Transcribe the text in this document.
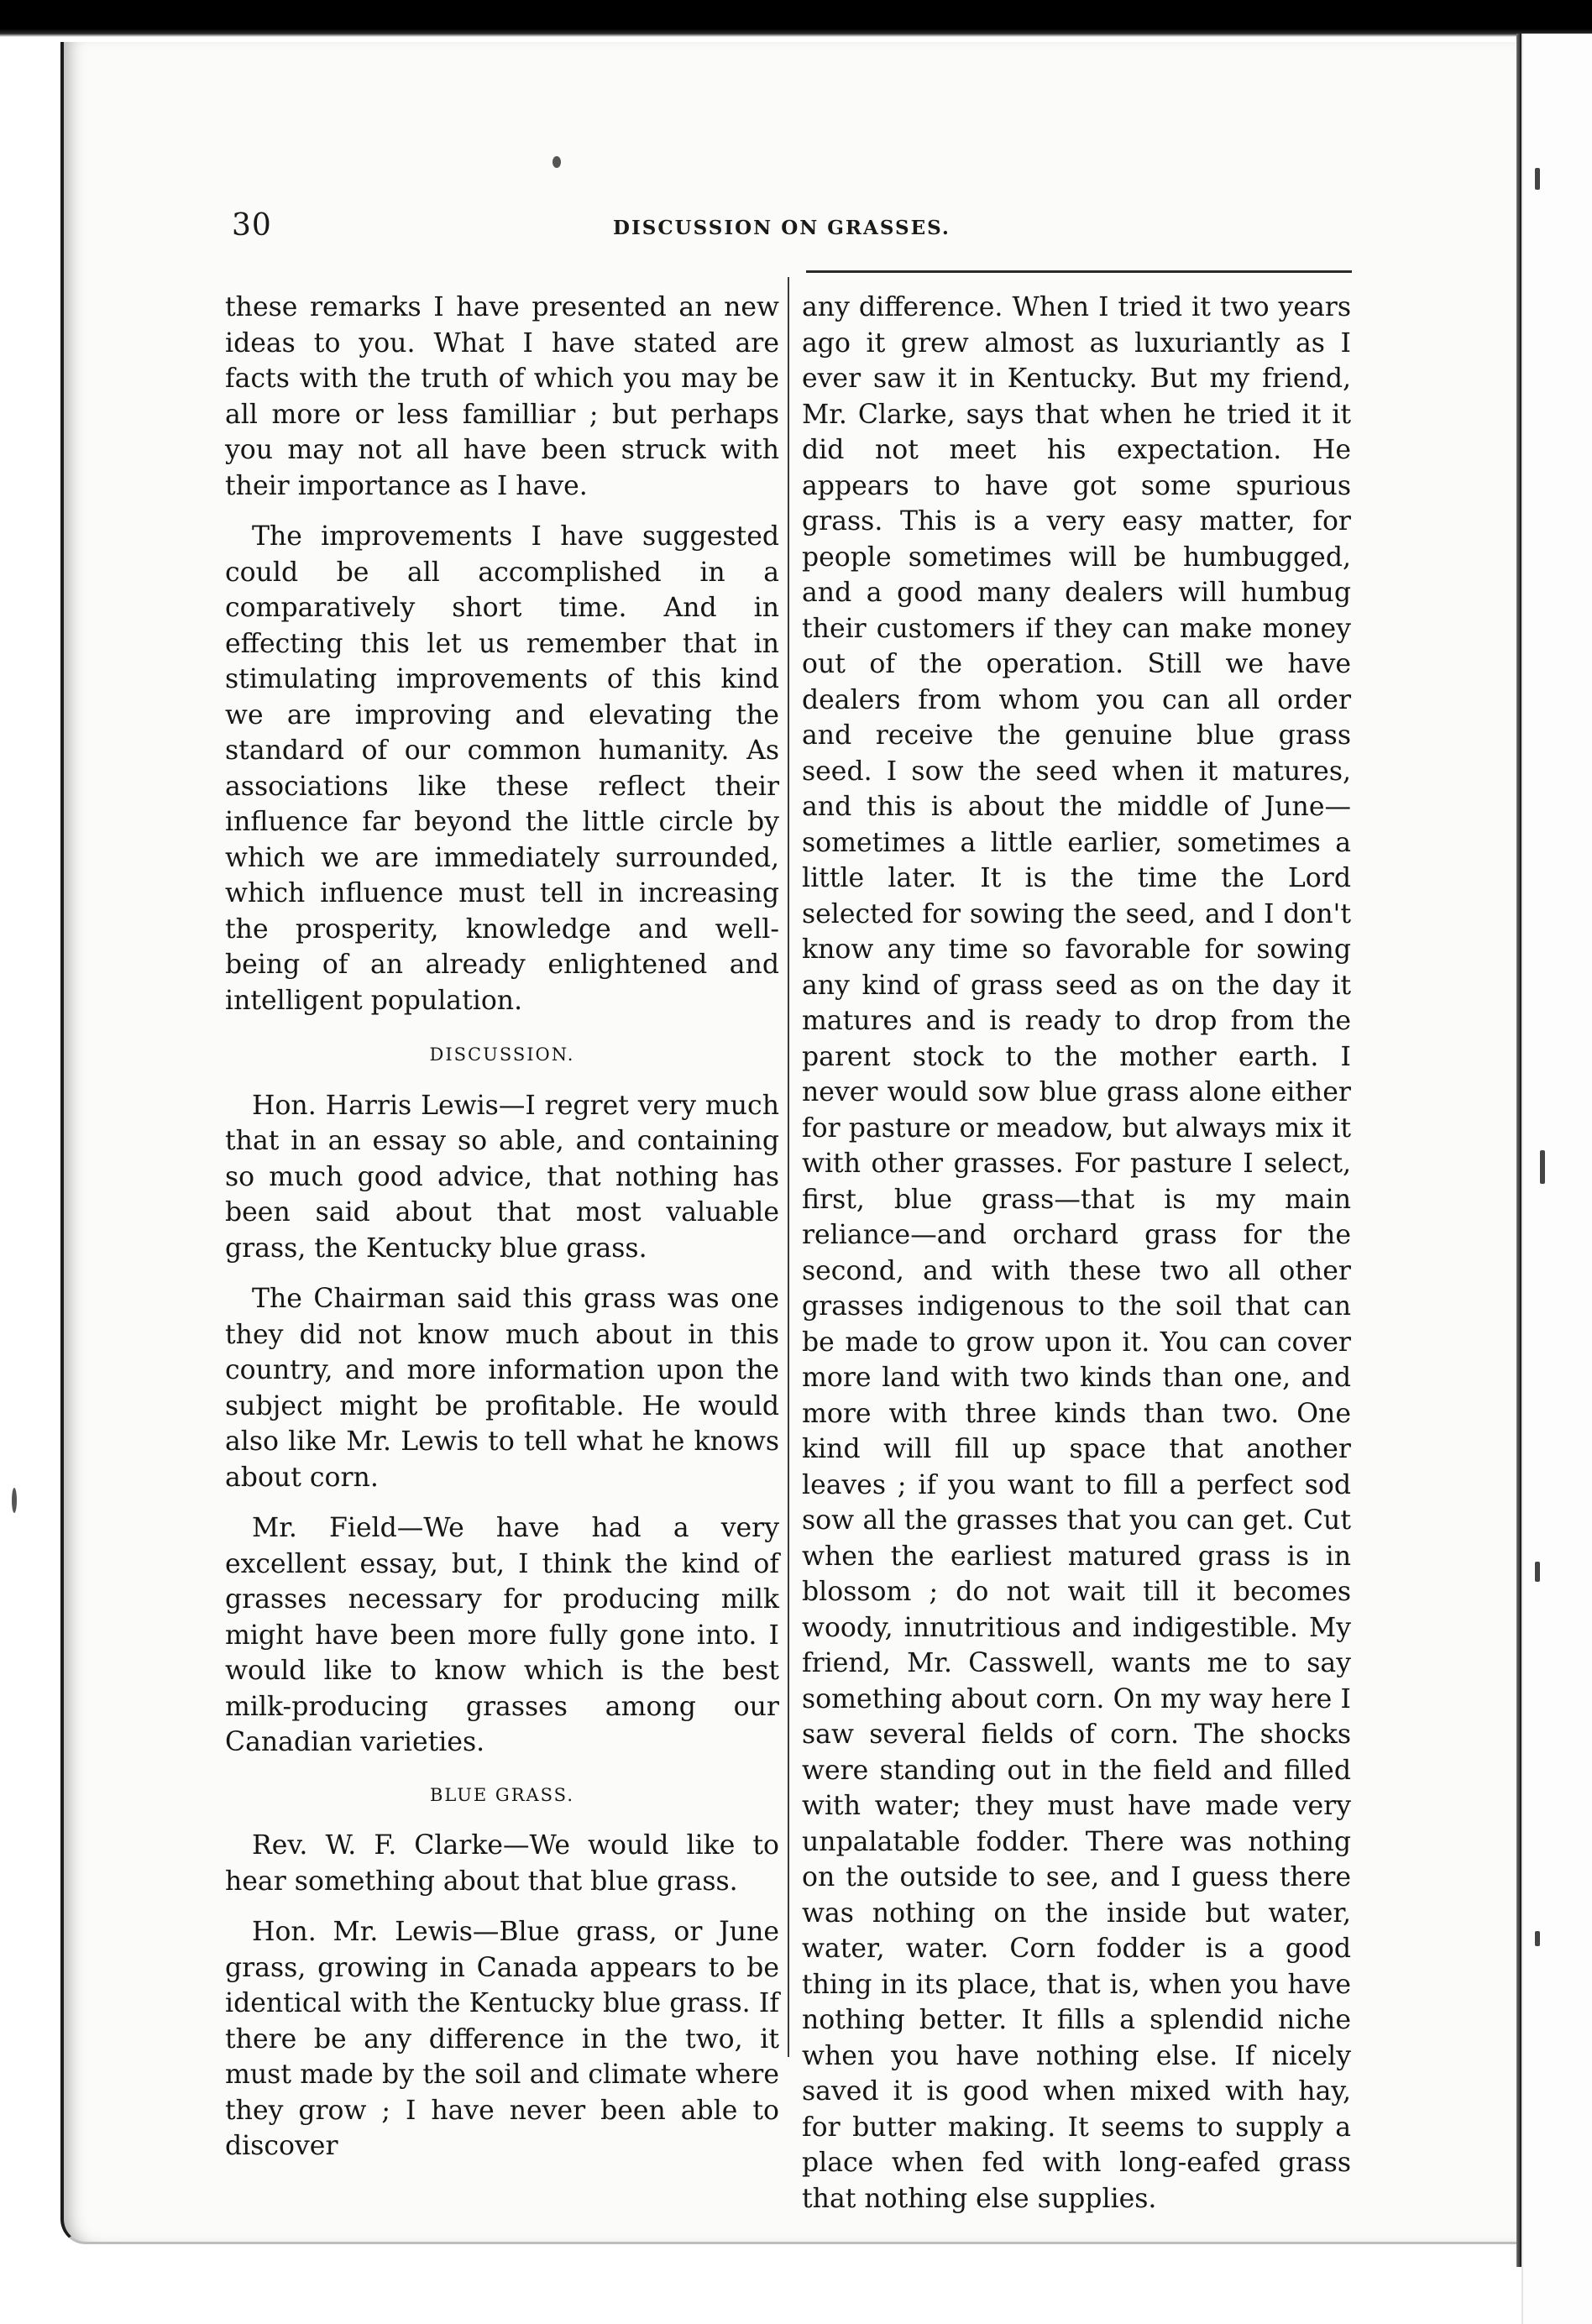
30	DISCUSSION ON GRASSES.

these remarks I have presented an new ideas to you. What I have stated are facts with the truth of which you may be all more or less familliar ; but perhaps you may not all have been struck with their importance as I have.

The improvements I have suggested could be all accomplished in a comparatively short time. And in effecting this let us remember that in stimulating improvements of this kind we are improving and elevating the standard of our common humanity. As associations like these reflect their influence far beyond the little circle by which we are immediately surrounded, which influence must tell in increasing the prosperity, knowledge and well-being of an already enlightened and intelligent population.

DISCUSSION.

Hon. Harris Lewis—I regret very much that in an essay so able, and containing so much good advice, that nothing has been said about that most valuable grass, the Kentucky blue grass.

The Chairman said this grass was one they did not know much about in this country, and more information upon the subject might be profitable. He would also like Mr. Lewis to tell what he knows about corn.

Mr. Field—We have had a very excellent essay, but, I think the kind of grasses necessary for producing milk might have been more fully gone into. I would like to know which is the best milk-producing grasses among our Canadian varieties.

BLUE GRASS.

Rev. W. F. Clarke—We would like to hear something about that blue grass.

Hon. Mr. Lewis—Blue grass, or June grass, growing in Canada appears to be identical with the Kentucky blue grass. If there be any difference in the two, it must made by the soil and climate where they grow ; I have never been able to discover

any difference. When I tried it two years ago it grew almost as luxuriantly as I ever saw it in Kentucky. But my friend, Mr. Clarke, says that when he tried it it did not meet his expectation. He appears to have got some spurious grass. This is a very easy matter, for people sometimes will be humbugged, and a good many dealers will humbug their customers if they can make money out of the operation. Still we have dealers from whom you can all order and receive the genuine blue grass seed. I sow the seed when it matures, and this is about the middle of June—sometimes a little earlier, sometimes a little later. It is the time the Lord selected for sowing the seed, and I don't know any time so favorable for sowing any kind of grass seed as on the day it matures and is ready to drop from the parent stock to the mother earth. I never would sow blue grass alone either for pasture or meadow, but always mix it with other grasses. For pasture I select, first, blue grass—that is my main reliance—and orchard grass for the second, and with these two all other grasses indigenous to the soil that can be made to grow upon it. You can cover more land with two kinds than one, and more with three kinds than two. One kind will fill up space that another leaves ; if you want to fill a perfect sod sow all the grasses that you can get. Cut when the earliest matured grass is in blossom ; do not wait till it becomes woody, innutritious and indigestible. My friend, Mr. Casswell, wants me to say something about corn. On my way here I saw several fields of corn. The shocks were standing out in the field and filled with water; they must have made very unpalatable fodder. There was nothing on the outside to see, and I guess there was nothing on the inside but water, water, water. Corn fodder is a good thing in its place, that is, when you have nothing better. It fills a splendid niche when you have nothing else. If nicely saved it is good when mixed with hay, for butter making. It seems to supply a place when fed with long-eafed grass that nothing else supplies.
